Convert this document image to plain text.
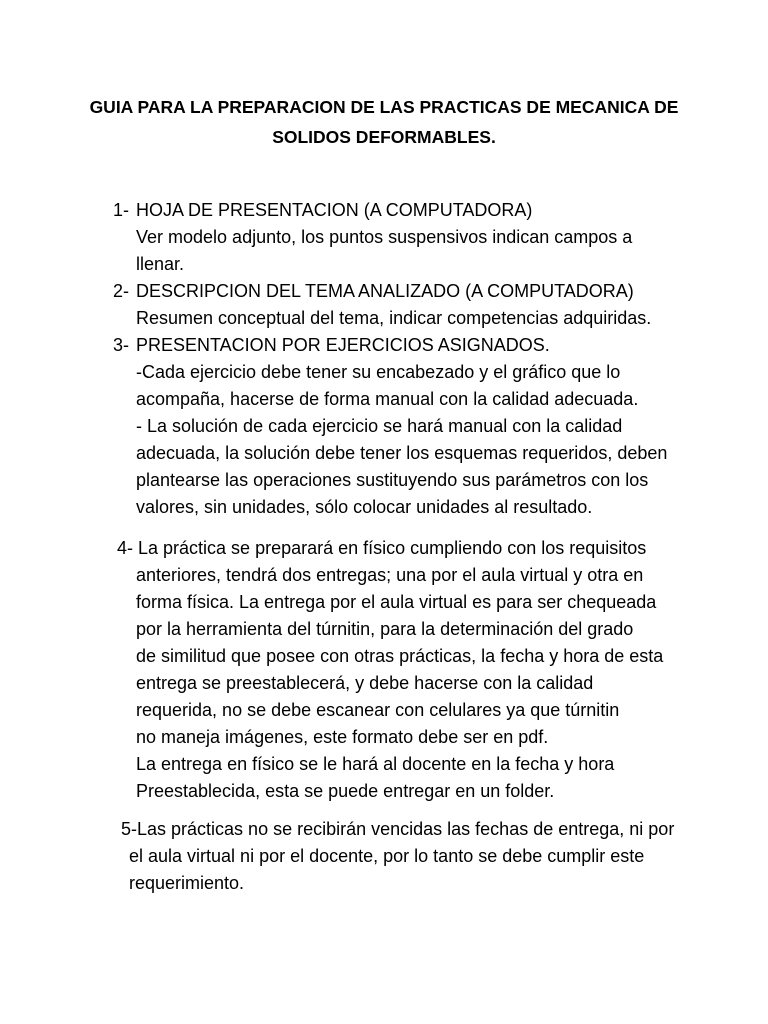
GUIA PARA LA PREPARACION DE LAS PRACTICAS DE MECANICA DE
SOLIDOS DEFORMABLES.
1- HOJA DE PRESENTACION (A COMPUTADORA)
Ver modelo adjunto, los puntos suspensivos indican campos a
llenar.
2- DESCRIPCION DEL TEMA ANALIZADO (A COMPUTADORA)
Resumen conceptual del tema, indicar competencias adquiridas.
3- PRESENTACION POR EJERCICIOS ASIGNADOS.
-Cada ejercicio debe tener su encabezado y el gráfico que lo
acompaña, hacerse de forma manual con la calidad adecuada.
- La solución de cada ejercicio se hará manual con la calidad
adecuada, la solución debe tener los esquemas requeridos, deben
plantearse las operaciones sustituyendo sus parámetros con los
valores, sin unidades, sólo colocar unidades al resultado.
4- La práctica se preparará en físico cumpliendo con los requisitos
anteriores, tendrá dos entregas; una por el aula virtual y otra en
forma física. La entrega por el aula virtual es para ser chequeada
por la herramienta del túrnitin, para la determinación del grado
de similitud que posee con otras prácticas, la fecha y hora de esta
entrega se preestablecerá, y debe hacerse con la calidad
requerida, no se debe escanear con celulares ya que túrnitin
no maneja imágenes, este formato debe ser en pdf.
La entrega en físico se le hará al docente en la fecha y hora
Preestablecida, esta se puede entregar en un folder.
5-Las prácticas no se recibirán vencidas las fechas de entrega, ni por
el aula virtual ni por el docente, por lo tanto se debe cumplir este
requerimiento.
